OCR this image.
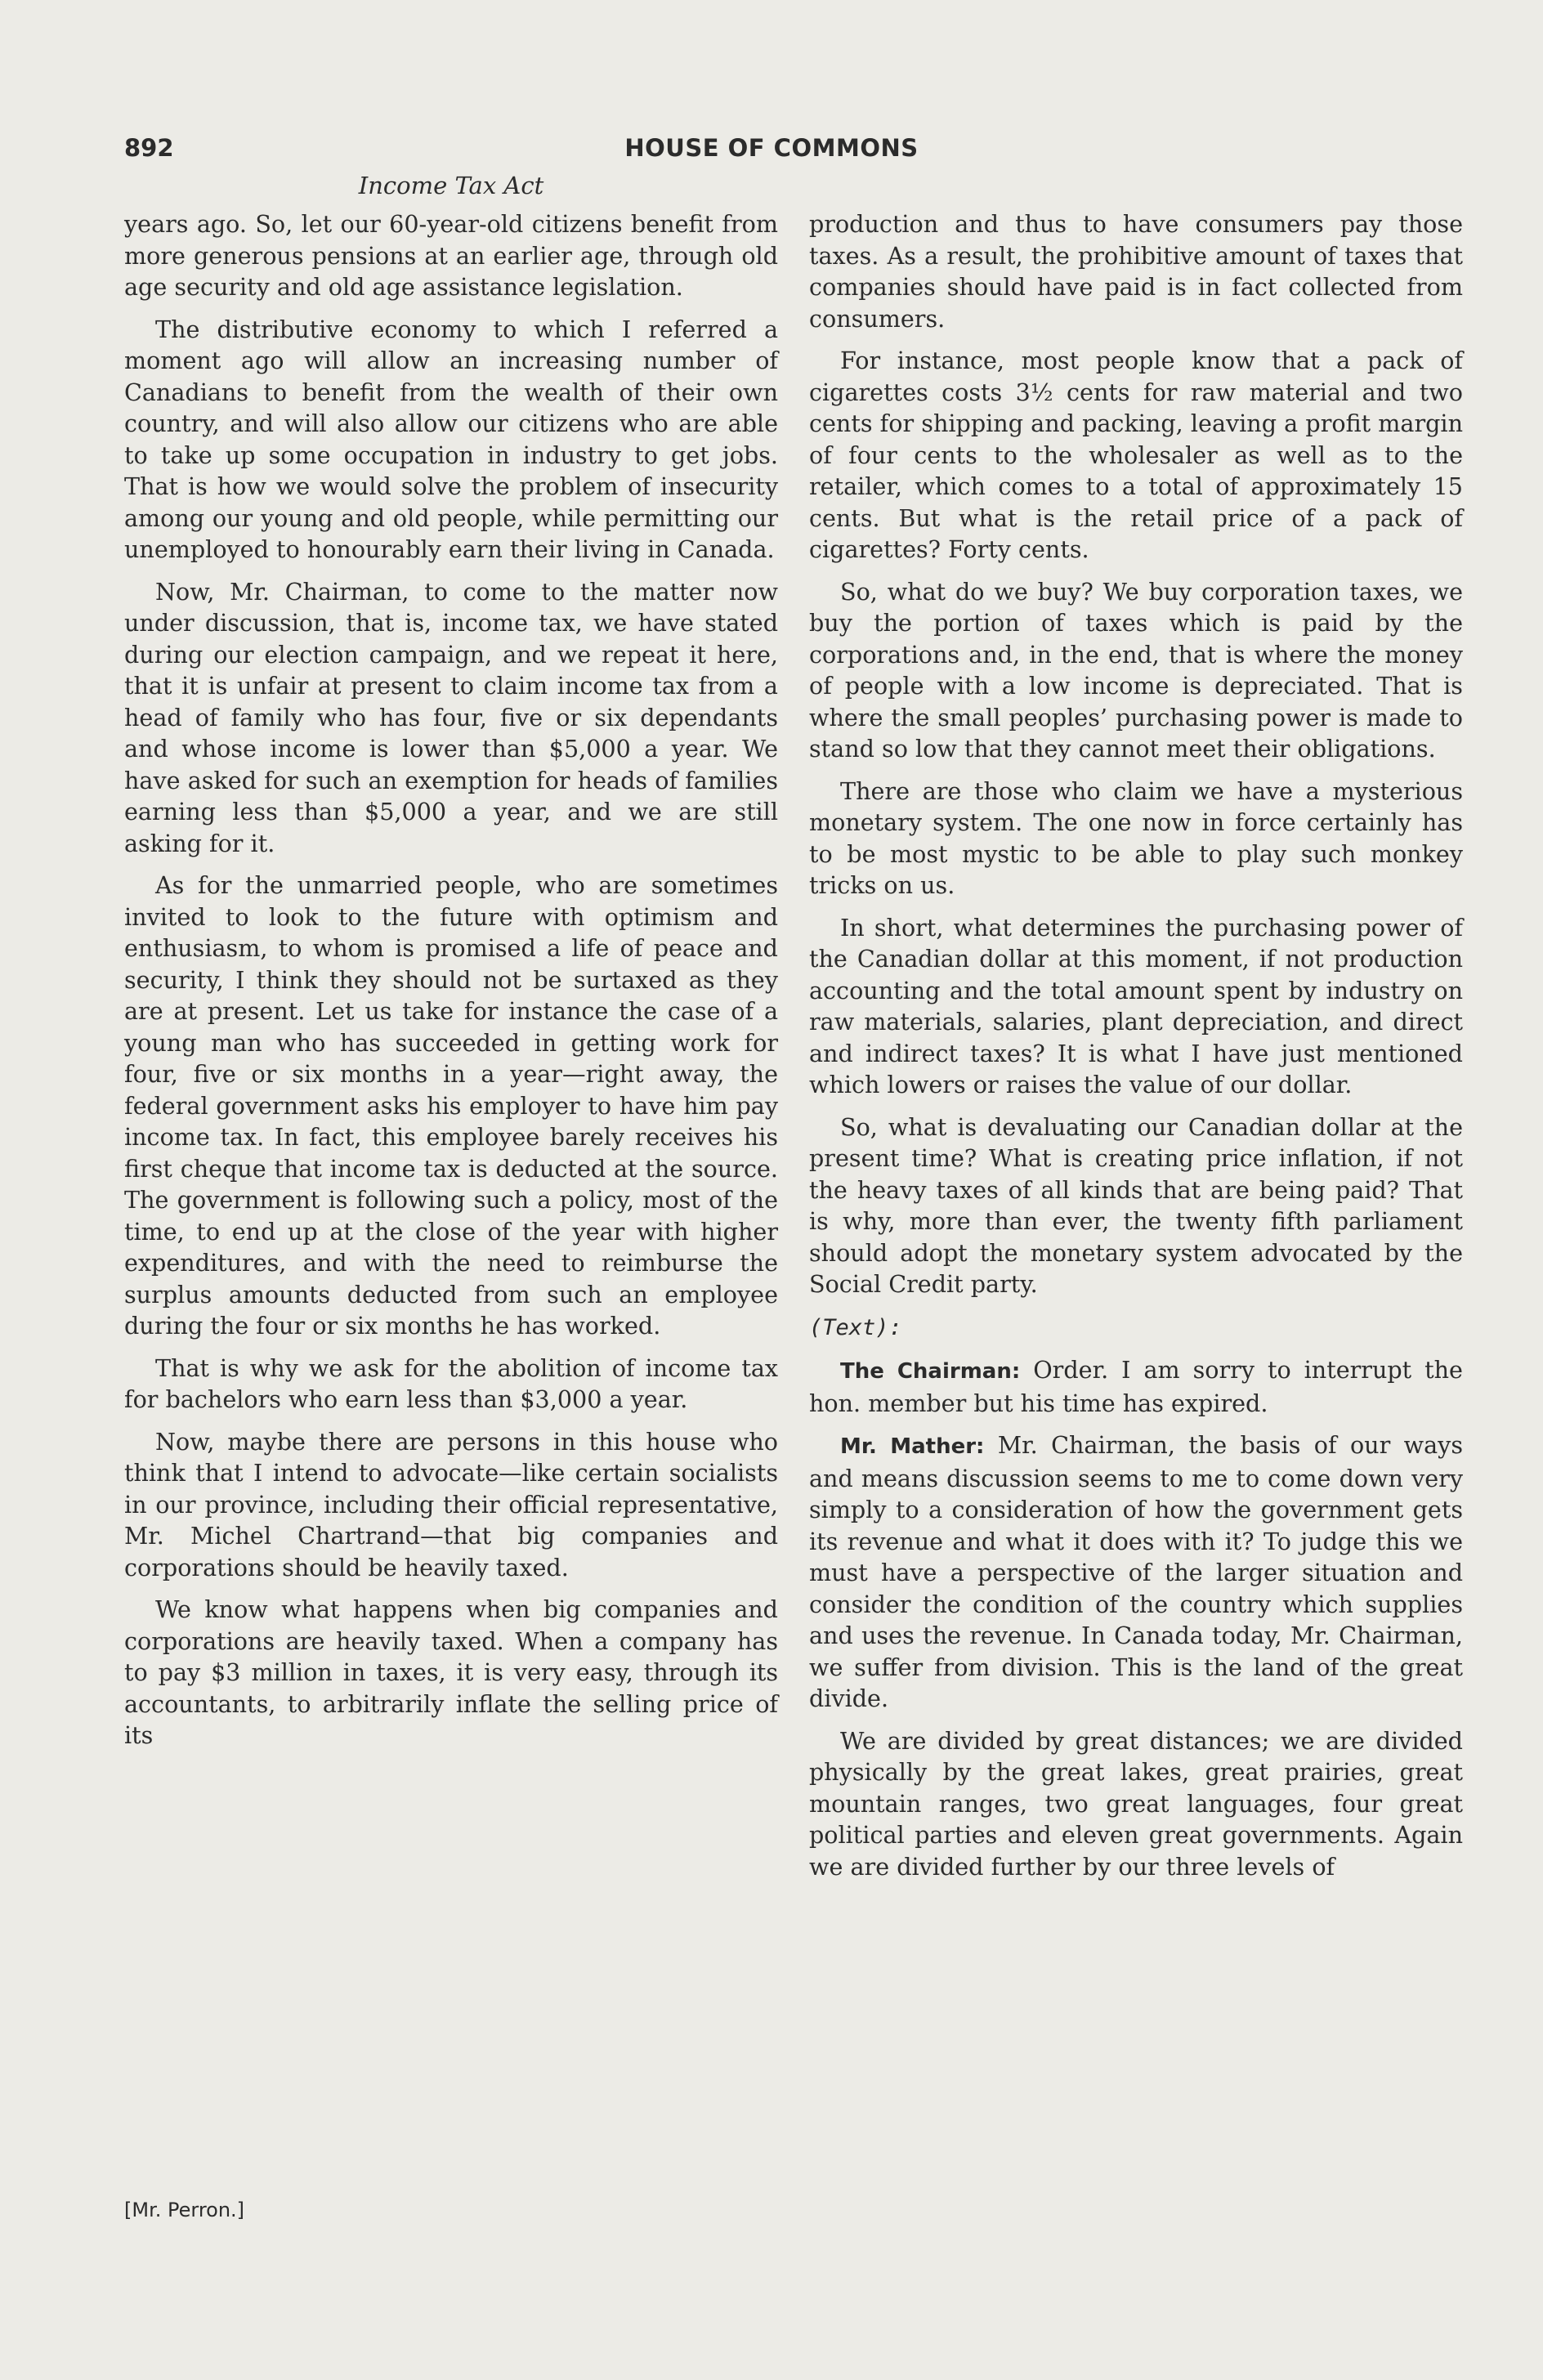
892	HOUSE OF COMMONS
Income Tax Act

years ago. So, let our 60-year-old citizens benefit from more generous pensions at an earlier age, through old age security and old age assistance legislation.

The distributive economy to which I referred a moment ago will allow an increasing number of Canadians to benefit from the wealth of their own country, and will also allow our citizens who are able to take up some occupation in industry to get jobs. That is how we would solve the problem of insecurity among our young and old people, while permitting our unemployed to honourably earn their living in Canada.

Now, Mr. Chairman, to come to the matter now under discussion, that is, income tax, we have stated during our election campaign, and we repeat it here, that it is unfair at present to claim income tax from a head of family who has four, five or six dependants and whose income is lower than $5,000 a year. We have asked for such an exemption for heads of families earning less than $5,000 a year, and we are still asking for it.

As for the unmarried people, who are sometimes invited to look to the future with optimism and enthusiasm, to whom is promised a life of peace and security, I think they should not be surtaxed as they are at present. Let us take for instance the case of a young man who has succeeded in getting work for four, five or six months in a year—right away, the federal government asks his employer to have him pay income tax. In fact, this employee barely receives his first cheque that income tax is deducted at the source. The government is following such a policy, most of the time, to end up at the close of the year with higher expenditures, and with the need to reimburse the surplus amounts deducted from such an employee during the four or six months he has worked.

That is why we ask for the abolition of income tax for bachelors who earn less than $3,000 a year.

Now, maybe there are persons in this house who think that I intend to advocate—like certain socialists in our province, including their official representative, Mr. Michel Chartrand—that big companies and corporations should be heavily taxed.

We know what happens when big companies and corporations are heavily taxed. When a company has to pay $3 million in taxes, it is very easy, through its accountants, to arbitrarily inflate the selling price of its

production and thus to have consumers pay those taxes. As a result, the prohibitive amount of taxes that companies should have paid is in fact collected from consumers.

For instance, most people know that a pack of cigarettes costs 3½ cents for raw material and two cents for shipping and packing, leaving a profit margin of four cents to the wholesaler as well as to the retailer, which comes to a total of approximately 15 cents. But what is the retail price of a pack of cigarettes? Forty cents.

So, what do we buy? We buy corporation taxes, we buy the portion of taxes which is paid by the corporations and, in the end, that is where the money of people with a low income is depreciated. That is where the small peoples’ purchasing power is made to stand so low that they cannot meet their obligations.

There are those who claim we have a mysterious monetary system. The one now in force certainly has to be most mystic to be able to play such monkey tricks on us.

In short, what determines the purchasing power of the Canadian dollar at this moment, if not production accounting and the total amount spent by industry on raw materials, salaries, plant depreciation, and direct and indirect taxes? It is what I have just mentioned which lowers or raises the value of our dollar.

So, what is devaluating our Canadian dollar at the present time? What is creating price inflation, if not the heavy taxes of all kinds that are being paid? That is why, more than ever, the twenty fifth parliament should adopt the monetary system advocated by the Social Credit party.

(Text):

The Chairman: Order. I am sorry to interrupt the hon. member but his time has expired.

Mr. Mather: Mr. Chairman, the basis of our ways and means discussion seems to me to come down very simply to a consideration of how the government gets its revenue and what it does with it? To judge this we must have a perspective of the larger situation and consider the condition of the country which supplies and uses the revenue. In Canada today, Mr. Chairman, we suffer from division. This is the land of the great divide.

We are divided by great distances; we are divided physically by the great lakes, great prairies, great mountain ranges, two great languages, four great political parties and eleven great governments. Again we are divided further by our three levels of

[Mr. Perron.]
